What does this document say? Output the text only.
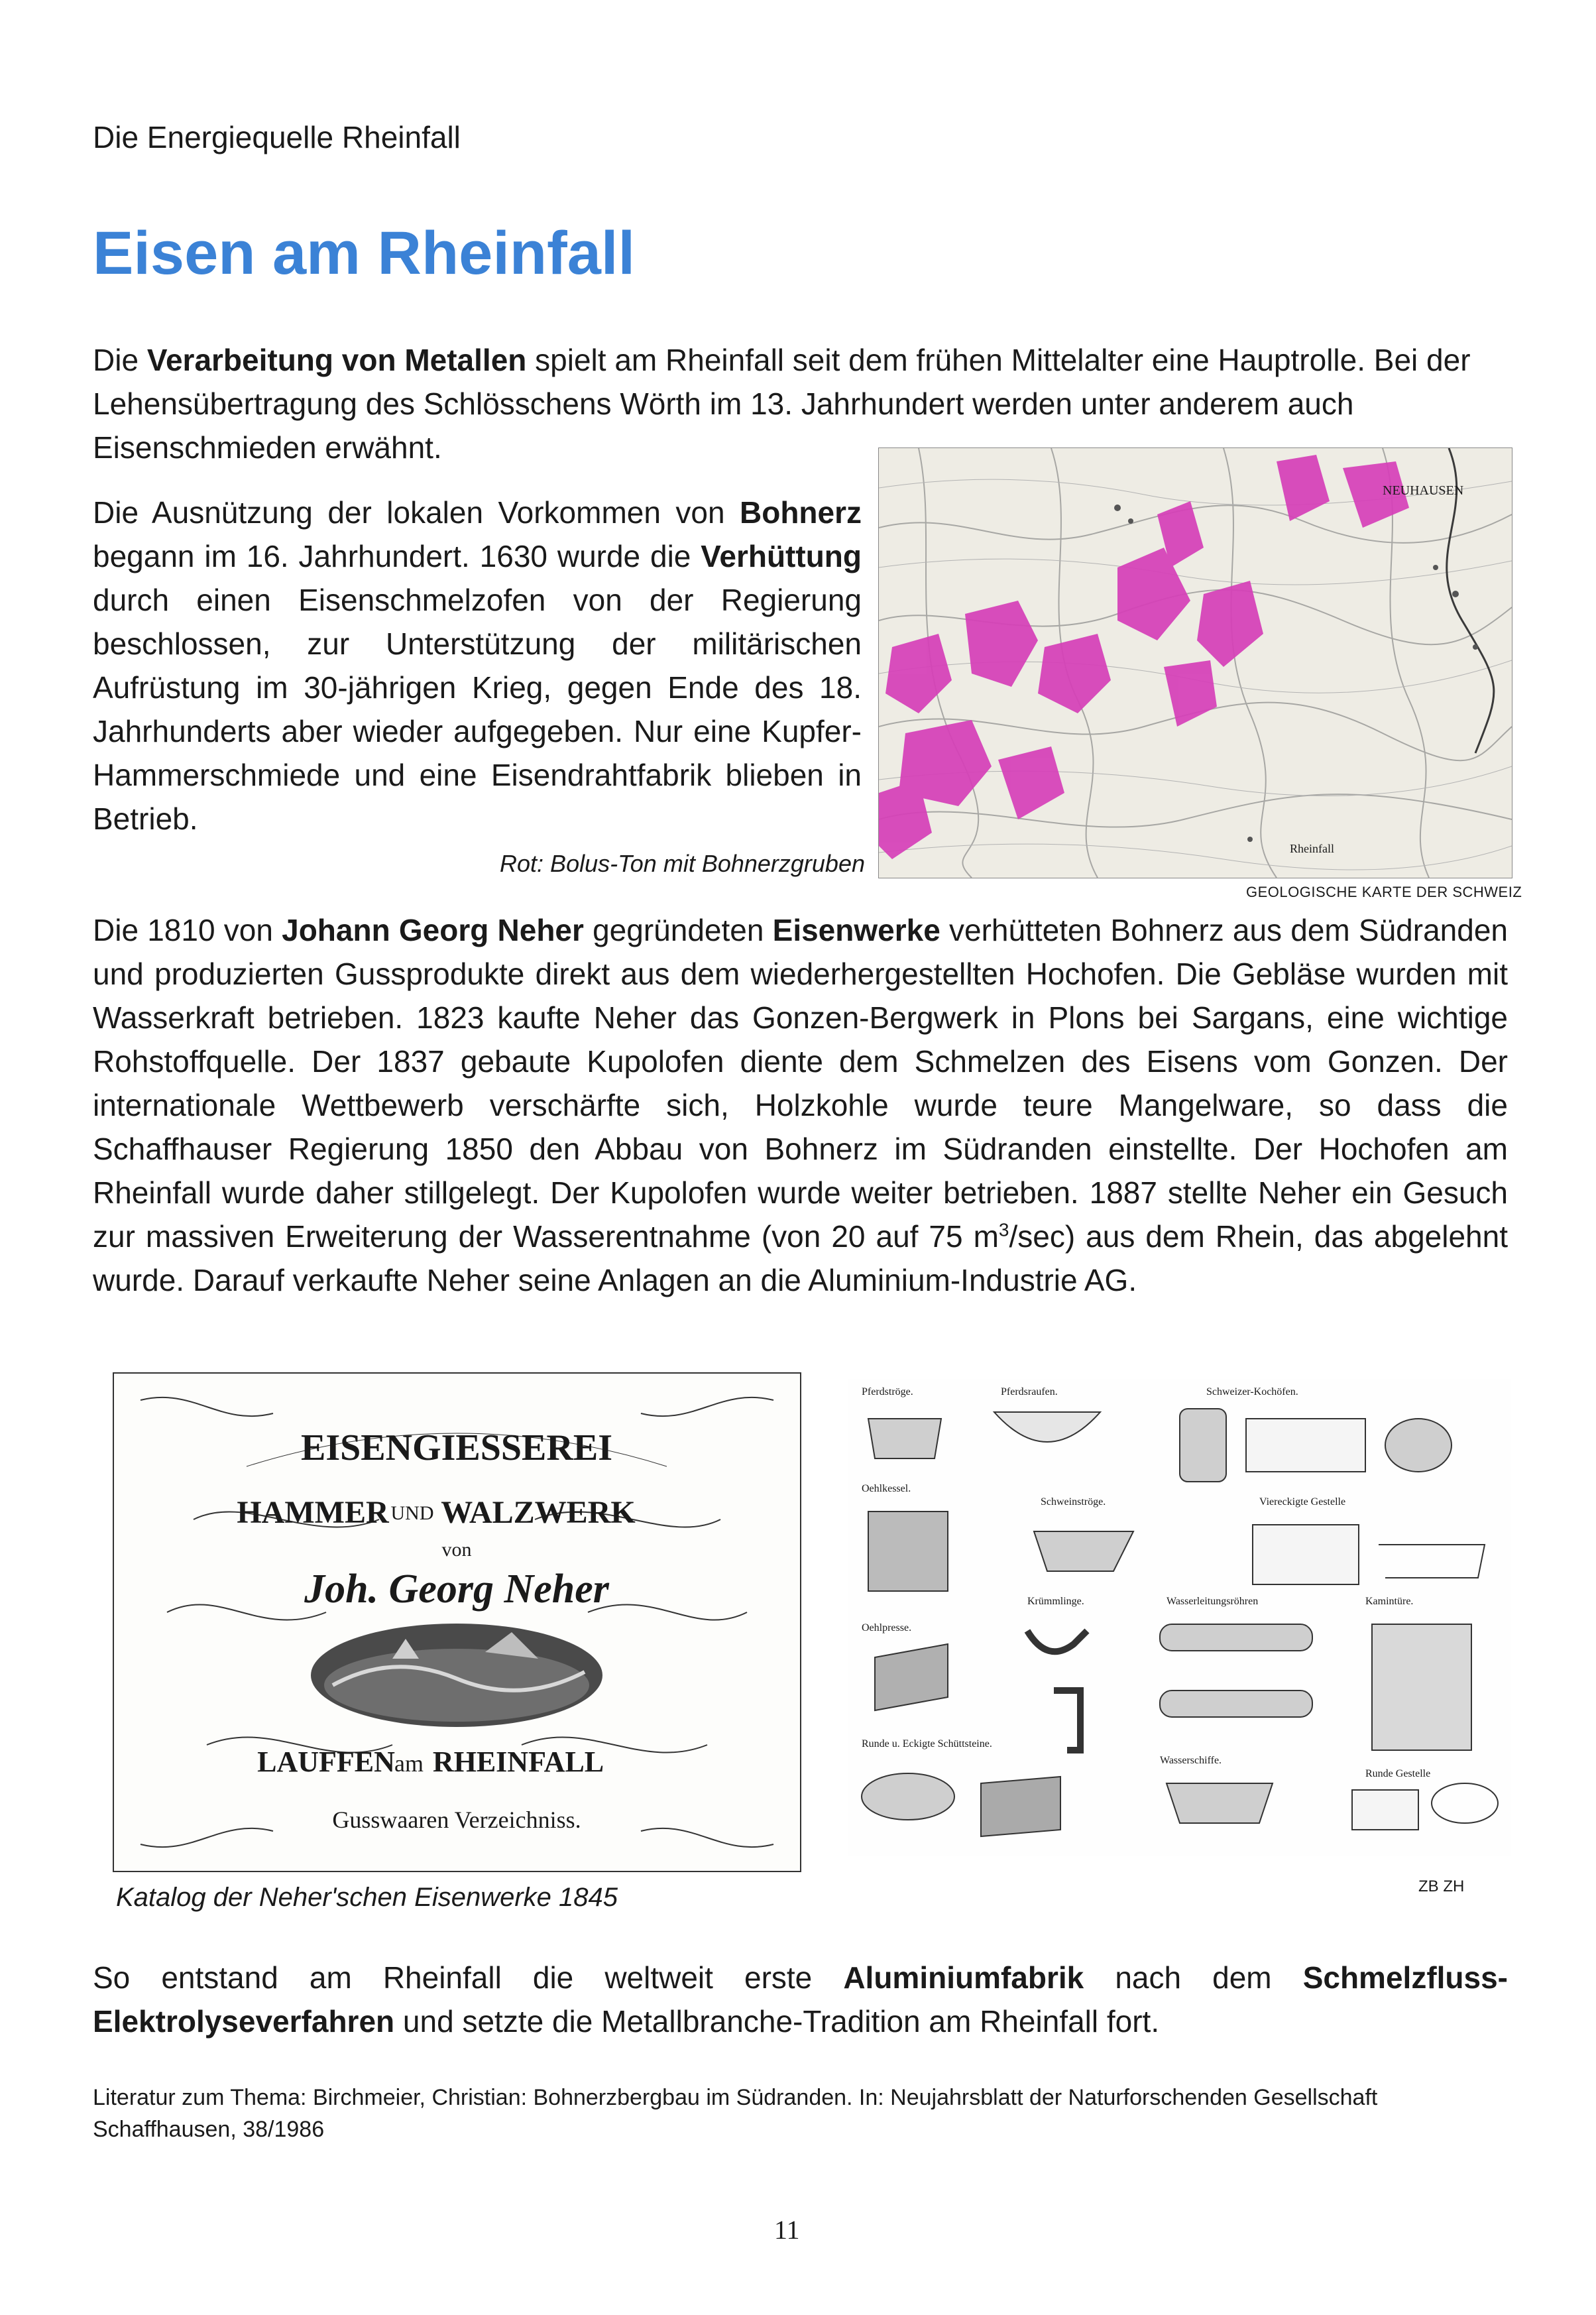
Die Energiequelle Rheinfall
Eisen am Rheinfall

Die Verarbeitung von Metallen spielt am Rheinfall seit dem frühen Mittelalter eine Hauptrolle. Bei der Lehensübertragung des Schlösschens Wörth im 13. Jahrhundert werden unter anderem auch Eisenschmieden erwähnt.

Die Ausnützung der lokalen Vorkommen von Bohnerz begann im 16. Jahrhundert. 1630 wurde die Verhüttung durch einen Eisenschmelzofen von der Regierung beschlossen, zur Unterstützung der militärischen Aufrüstung im 30-jährigen Krieg, gegen Ende des 18. Jahrhunderts aber wieder aufgegeben. Nur eine Kupfer-Hammerschmiede und eine Eisendrahtfabrik blieben in Betrieb.

NEUHAUSEN
Rheinfall
Rot: Bolus-Ton mit Bohnerzgruben
GEOLOGISCHE KARTE DER SCHWEIZ

Die 1810 von Johann Georg Neher gegründeten Eisenwerke verhütteten Bohnerz aus dem Südranden und produzierten Gussprodukte direkt aus dem wiederhergestellten Hochofen. Die Gebläse wurden mit Wasserkraft betrieben. 1823 kaufte Neher das Gonzen-Bergwerk in Plons bei Sargans, eine wichtige Rohstoffquelle. Der 1837 gebaute Kupolofen diente dem Schmelzen des Eisens vom Gonzen. Der internationale Wettbewerb verschärfte sich, Holzkohle wurde teure Mangelware, so dass die Schaffhauser Regierung 1850 den Abbau von Bohnerz im Südranden einstellte. Der Hochofen am Rheinfall wurde daher stillgelegt. Der Kupolofen wurde weiter betrieben. 1887 stellte Neher ein Gesuch zur massiven Erweiterung der Wasserentnahme (von 20 auf 75 $m^3/\sec$) aus dem Rhein, das abgelehnt wurde. Darauf verkaufte Neher seine Anlagen an die Aluminium-Industrie AG.

EISENGIESSEREI
HAMMER UND WALZWERK
von
Joh. Georg Neher
LAUFFEN am RHEINFALL
Gusswaaren Verzeichniss.
Katalog der Neher'schen Eisenwerke 1845
Pferdströge.	Pferdsraufen.	Schweizer-Kochöfen.
Oehlkessel.
Schweinströge.	Viereckigte Gestelle
Oehlpresse.
Krümmlinge.	Wasserleitungsröhren	Kamintüre.
Runde u. Eckigte Schüttsteine.
Wasserschiffe.
Runde Gestelle
ZB ZH

So entstand am Rheinfall die weltweit erste Aluminiumfabrik nach dem Schmelzfluss-Elektrolyseverfahren und setzte die Metallbranche-Tradition am Rheinfall fort.

Literatur zum Thema: Birchmeier, Christian: Bohnerzbergbau im Südranden. In: Neujahrsblatt der Naturforschenden Gesellschaft Schaffhausen, 38/1986
11
